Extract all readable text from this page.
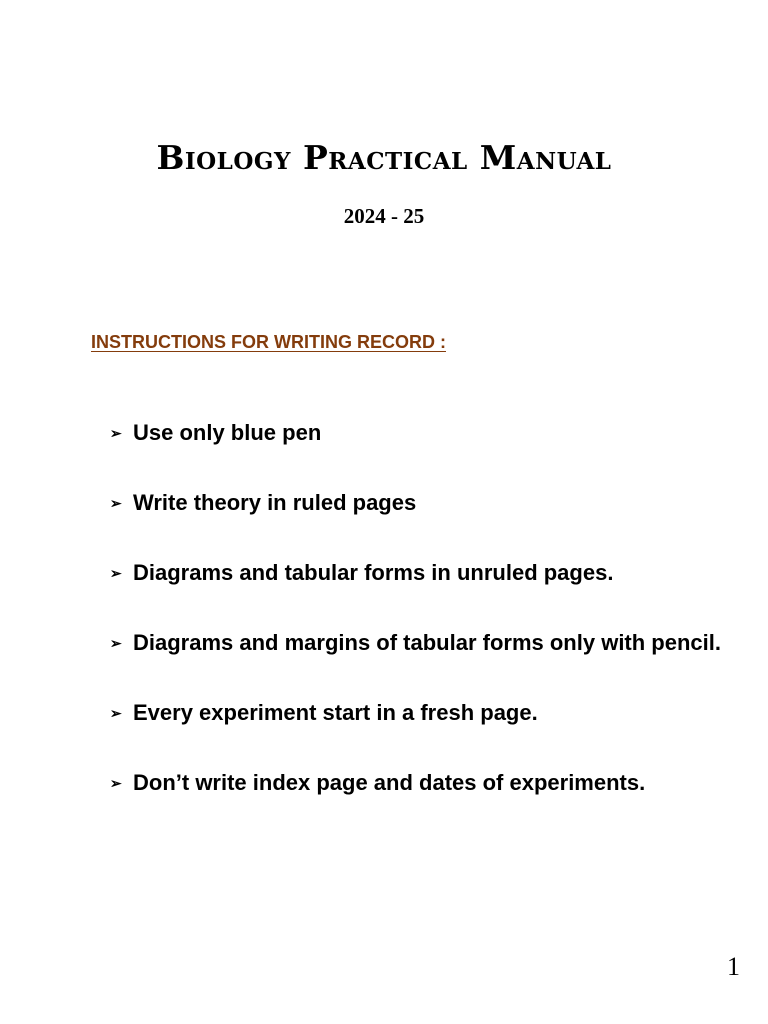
Biology Practical Manual
2024 - 25
INSTRUCTIONS FOR WRITING RECORD :
➢ Use only blue pen
➢ Write theory in ruled pages
➢ Diagrams and tabular forms in unruled pages.
➢ Diagrams and margins of tabular forms only with pencil.
➢ Every experiment start in a fresh page.
➢ Don’t write index page and dates of experiments.
1
